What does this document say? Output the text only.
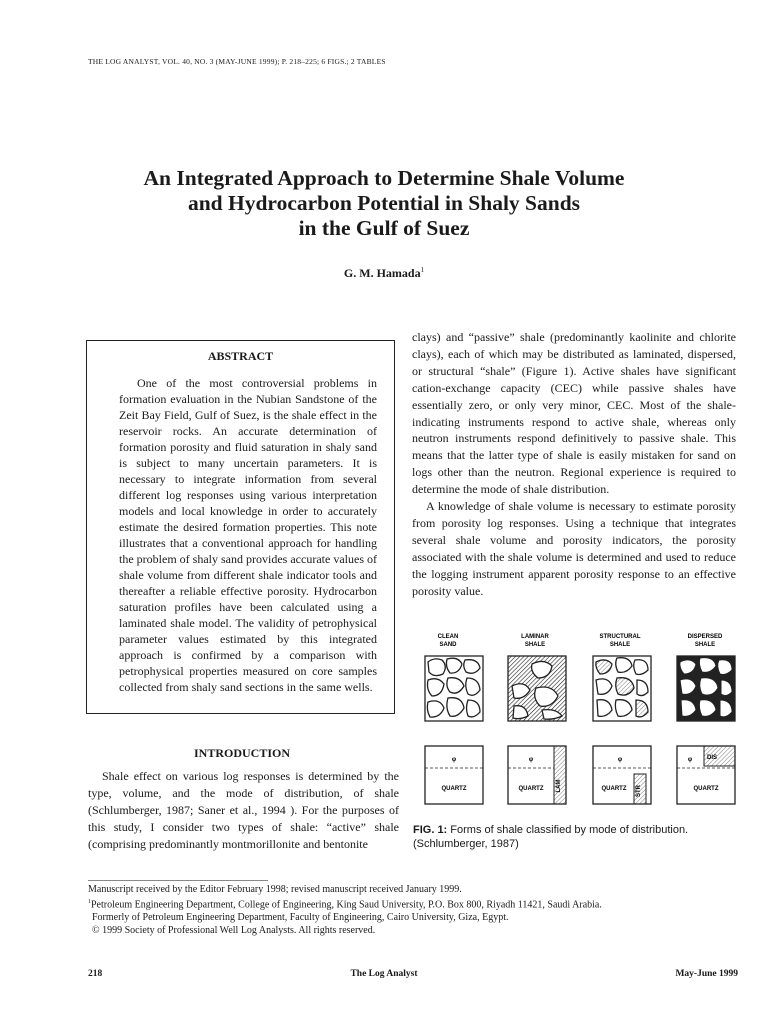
THE LOG ANALYST, VOL. 40, NO. 3 (MAY-JUNE 1999); P. 218–225; 6 FIGS.; 2 TABLES
An Integrated Approach to Determine Shale Volume
and Hydrocarbon Potential in Shaly Sands
in the Gulf of Suez
G. M. Hamada$^1$
ABSTRACT

One of the most controversial problems in formation evaluation in the Nubian Sandstone of the Zeit Bay Field, Gulf of Suez, is the shale effect in the reservoir rocks. An accurate determination of formation porosity and fluid saturation in shaly sand is subject to many uncertain parameters. It is necessary to integrate information from several different log responses using various interpretation models and local knowledge in order to accurately estimate the desired formation properties. This note illustrates that a conventional approach for handling the problem of shaly sand provides accurate values of shale volume from different shale indicator tools and thereafter a reliable effective porosity. Hydrocarbon saturation profiles have been calculated using a laminated shale model. The validity of petrophysical parameter values estimated by this integrated approach is confirmed by a comparison with petrophysical properties measured on core samples collected from shaly sand sections in the same wells.

INTRODUCTION

Shale effect on various log responses is determined by the type, volume, and the mode of distribution, of shale (Schlumberger, 1987; Saner et al., 1994 ). For the purposes of this study, I consider two types of shale: “active” shale (comprising predominantly montmorillonite and bentonite

clays) and “passive” shale (predominantly kaolinite and chlorite clays), each of which may be distributed as laminated, dispersed, or structural “shale” (Figure 1). Active shales have significant cation-exchange capacity (CEC) while passive shales have essentially zero, or only very minor, CEC. Most of the shale-indicating instruments respond to active shale, whereas only neutron instruments respond definitively to passive shale. This means that the latter type of shale is easily mistaken for sand on logs other than the neutron. Regional experience is required to determine the mode of shale distribution.

A knowledge of shale volume is necessary to estimate porosity from porosity log responses. Using a technique that integrates several shale volume and porosity indicators, the porosity associated with the shale volume is determined and used to reduce the logging instrument apparent porosity response to an effective porosity value.

CLEAN
SAND
LAMINAR
SHALE
STRUCTURAL
SHALE
DISPERSED
SHALE
φ
QUARTZ
φ
QUARTZ LAM
φ
QUARTZ STR
φ DIS
QUARTZ
FIG. 1: Forms of shale classified by mode of distribution. (Schlumberger, 1987)
Manuscript received by the Editor February 1998; revised manuscript received January 1999.
$^1$Petroleum Engineering Department, College of Engineering, King Saud University, P.O. Box 800, Riyadh 11421, Saudi Arabia.
Formerly of Petroleum Engineering Department, Faculty of Engineering, Cairo University, Giza, Egypt.
© 1999 Society of Professional Well Log Analysts. All rights reserved.
218	The Log Analyst	May-June 1999
